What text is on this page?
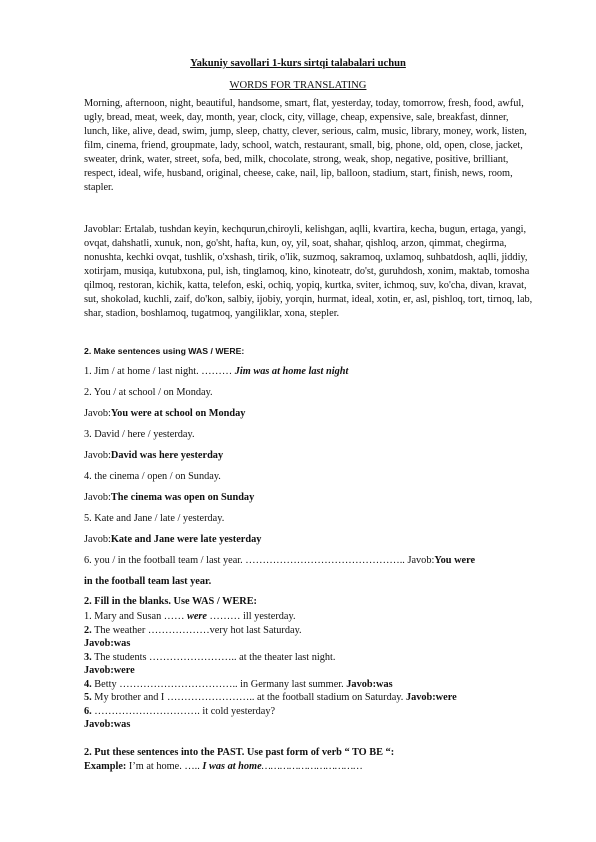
Yakuniy savollari 1-kurs sirtqi talabalari uchun
WORDS FOR TRANSLATING
Morning, afternoon, night, beautiful, handsome, smart, flat, yesterday, today, tomorrow, fresh, food, awful, ugly, bread, meat, week, day, month, year, clock, city, village, cheap, expensive, sale, breakfast, dinner, lunch, like, alive, dead, swim, jump, sleep, chatty, clever, serious, calm, music, library, money, work, listen, film, cinema, friend, groupmate, lady, school, watch, restaurant, small, big, phone, old, open, close, jacket, sweater, drink, water, street, sofa, bed, milk, chocolate, strong, weak, shop, negative, positive, brilliant, respect, ideal, wife, husband, original, cheese, cake, nail, lip, balloon, stadium, start, finish, news, room, stapler.
Javoblar: Ertalab, tushdan keyin, kechqurun,chiroyli, kelishgan, aqlli, kvartira, kecha, bugun, ertaga, yangi, ovqat, dahshatli, xunuk, non, go'sht, hafta, kun, oy, yil, soat, shahar, qishloq, arzon, qimmat, chegirma, nonushta, kechki ovqat, tushlik, o'xshash, tirik, o'lik, suzmoq, sakramoq, uxlamoq, suhbatdosh, aqlli, jiddiy, xotirjam, musiqa, kutubxona, pul, ish, tinglamoq, kino, kinoteatr, do'st, guruhdosh, xonim, maktab, tomosha qilmoq, restoran, kichik, katta, telefon, eski, ochiq, yopiq, kurtka, sviter, ichmoq, suv, ko'cha, divan, kravat, sut, shokolad, kuchli, zaif, do'kon, salbiy, ijobiy, yorqin, hurmat, ideal, xotin, er, asl, pishloq, tort, tirnoq, lab, shar, stadion, boshlamoq, tugatmoq, yangiliklar, xona, stepler.
2. Make sentences using WAS / WERE:
1. Jim / at home / last night. ……… Jim was at home last night
2. You / at school / on Monday.
Javob:You were at school on Monday
3. David / here / yesterday.
Javob:David was here yesterday
4. the cinema / open / on Sunday.
Javob:The cinema was open on Sunday
5. Kate and Jane / late / yesterday.
Javob:Kate and Jane were late yesterday
6. you / in the football team / last year. ……………………………………….. Javob:You were
in the football team last year.
2. Fill in the blanks. Use WAS / WERE:
1. Mary and Susan …… were ……… ill yesterday.
2. The weather ………………very hot last Saturday.
Javob:was
3. The students …………………….. at the theater last night.
Javob:were
4. Betty …………………………….. in Germany last summer. Javob:was
5. My brother and I …………………….. at the football stadium on Saturday. Javob:were
6. …………………………. it cold yesterday?
Javob:was
2. Put these sentences into the PAST. Use past form of verb “ TO BE “:
Example: I’m at home. ….. I was at home……………………………
